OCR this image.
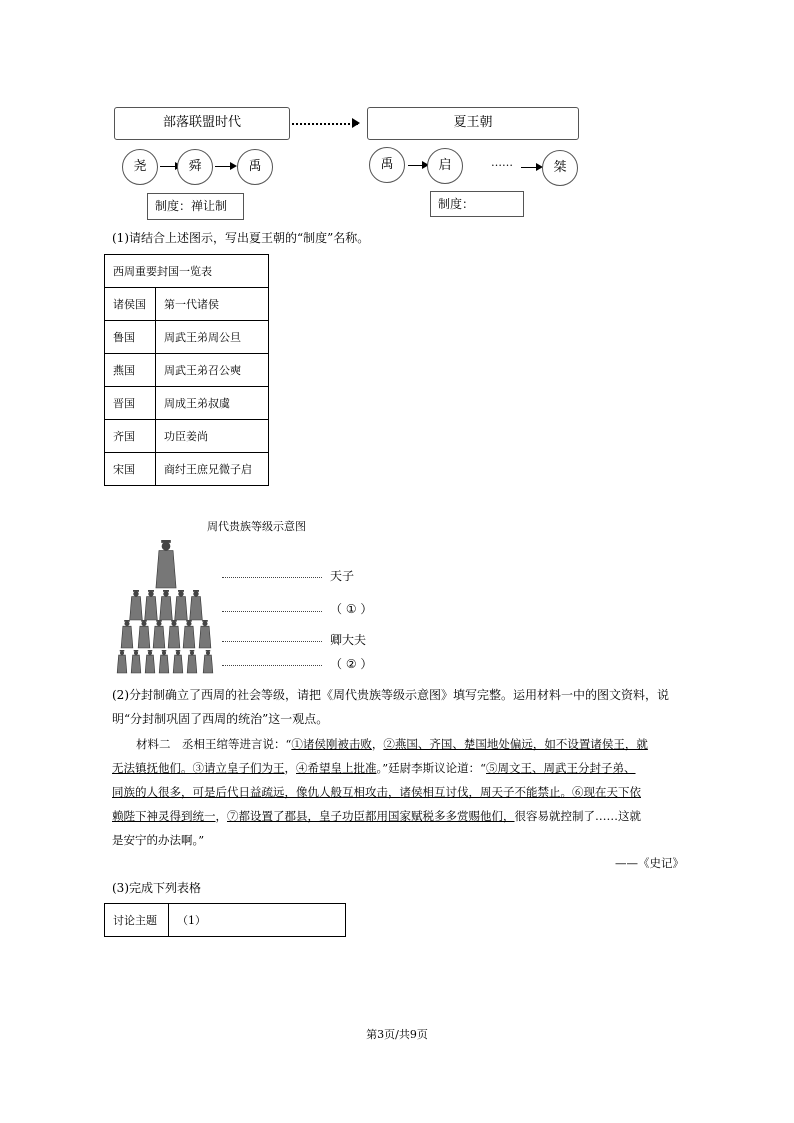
部落联盟时代	夏王朝
尧	舜	禹	禹	启	……	桀
制度：禅让制	制度：
(1)请结合上述图示，写出夏王朝的“制度”名称。
西周重要封国一览表	
诸侯国	第一代诸侯
鲁国	周武王弟周公旦
燕国	周武王弟召公奭
晋国	周成王弟叔虞
齐国	功臣姜尚
宋国	商纣王庶兄微子启
周代贵族等级示意图
天子
（ ① ）
卿大夫
（ ② ）
(2)分封制确立了西周的社会等级，请把《周代贵族等级示意图》填写完整。运用材料一中的图文资料，说
明“分封制巩固了西周的统治”这一观点。
材料二　丞相王绾等进言说：“①诸侯刚被击败，②燕国、齐国、楚国地处偏远，如不设置诸侯王，就
无法镇抚他们。③请立皇子们为王，④希望皇上批准。”廷尉李斯议论道：“⑤周文王、周武王分封子弟、
同族的人很多，可是后代日益疏远，像仇人般互相攻击，诸侯相互讨伐，周天子不能禁止。⑥现在天下依
赖陛下神灵得到统一，⑦都设置了郡县，皇子功臣都用国家赋税多多赏赐他们，很容易就控制了……这就
是安宁的办法啊。”
——《史记》
(3)完成下列表格
讨论主题	（1）
第3页/共9页
